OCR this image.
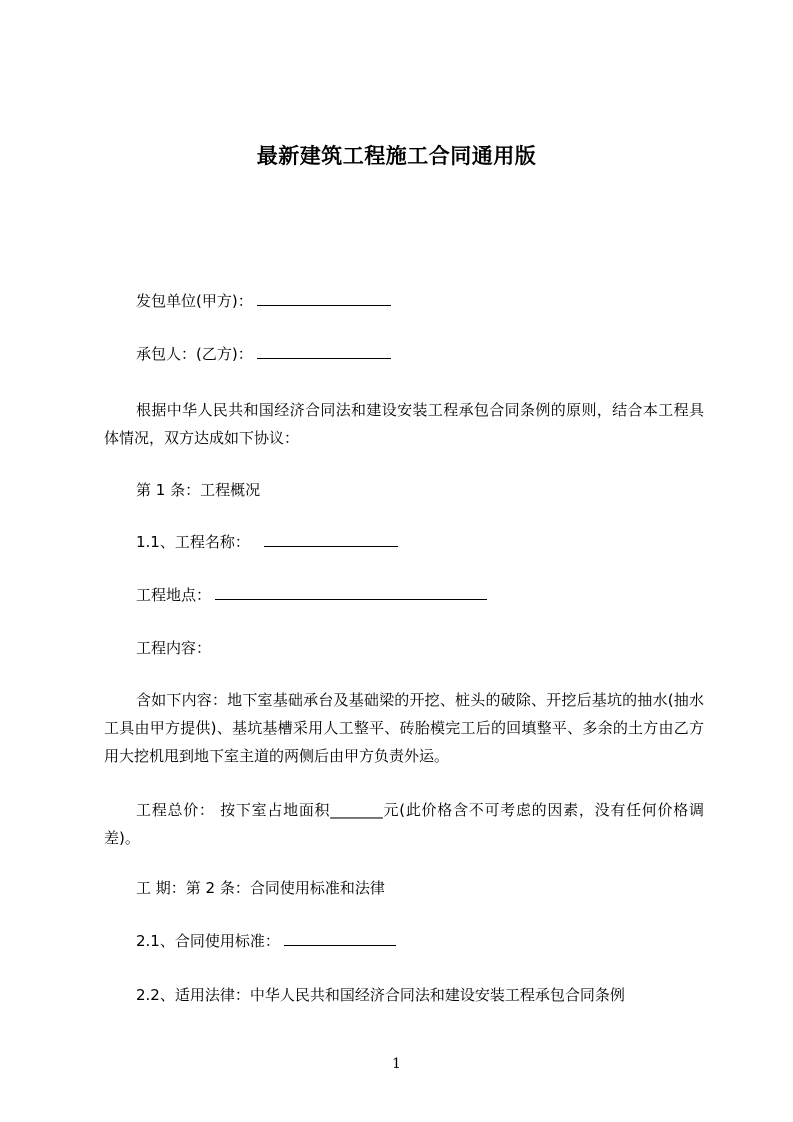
最新建筑工程施工合同通用版
发包单位(甲方)：
承包人：(乙方)：
根据中华人民共和国经济合同法和建设安装工程承包合同条例的原则，结合本工程具体情况，双方达成如下协议：
第 1 条：工程概况
1.1、工程名称：
工程地点：
工程内容：
含如下内容：地下室基础承台及基础梁的开挖、桩头的破除、开挖后基坑的抽水(抽水工具由甲方提供)、基坑基槽采用人工整平、砖胎模完工后的回填整平、多余的土方由乙方用大挖机甩到地下室主道的两侧后由甲方负责外运。
工程总价： 按下室占地面积_______元(此价格含不可考虑的因素，没有任何价格调差)。
工 期：第 2 条：合同使用标准和法律
2.1、合同使用标准：
2.2、适用法律：中华人民共和国经济合同法和建设安装工程承包合同条例
1
